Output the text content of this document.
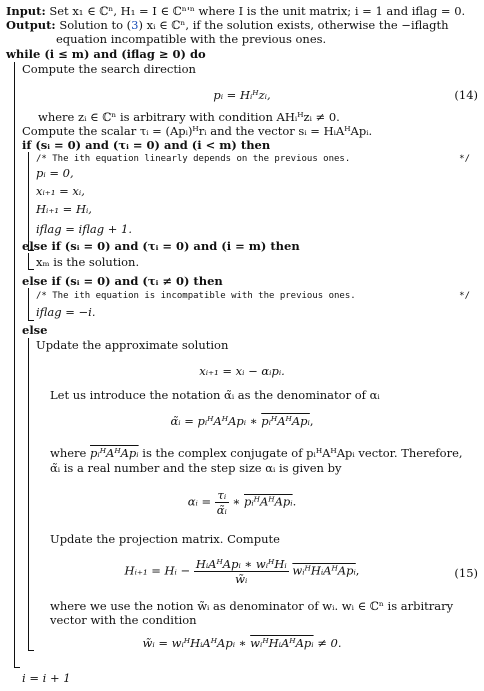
Input: Set x₁ ∈ ℂⁿ, H₁ = I ∈ ℂⁿ'ⁿ where I is the unit matrix; i = 1 and iflag = 0.
Output: Solution to (3) xᵢ ∈ ℂⁿ, if the solution exists, otherwise the −iflagth
equation incompatible with the previous ones.
while (i ≤ m) and (iflag ≥ 0) do
Compute the search direction
pᵢ = Hᵢᴴzᵢ,	(14)
where zᵢ ∈ ℂⁿ is arbitrary with condition AHᵢᴴzᵢ ≠ 0.
Compute the scalar τᵢ = (Apᵢ)ᴴrᵢ and the vector sᵢ = HᵢAᴴApᵢ.
if (sᵢ = 0) and (τᵢ = 0) and (i < m) then
/* The ith equation linearly depends on the previous ones.	*/
pᵢ = 0,
xᵢ₊₁ = xᵢ,
Hᵢ₊₁ = Hᵢ,
iflag = iflag + 1.
else if (sᵢ = 0) and (τᵢ = 0) and (i = m) then
xₘ is the solution.
else if (sᵢ = 0) and (τᵢ ≠ 0) then
/* The ith equation is incompatible with the previous ones.	*/
iflag = −i.
else
Update the approximate solution
xᵢ₊₁ = xᵢ − αᵢpᵢ.
Let us introduce the notation α̃ᵢ as the denominator of αᵢ
α̃ᵢ = pᵢᴴAᴴApᵢ ∗ pᵢᴴAᴴApᵢ,
where pᵢᴴAᴴApᵢ is the complex conjugate of pᵢᴴAᴴApᵢ vector. Therefore,
α̃ᵢ is a real number and the step size αᵢ is given by
αᵢ = $\frac{\text{τᵢ}}{\text{α̃ᵢ}}$ ∗ pᵢᴴAᴴApᵢ.
Update the projection matrix. Compute
Hᵢ₊₁ = Hᵢ − $\frac{\text{HᵢAᴴApᵢ ∗ wᵢᴴHᵢ}}{\text{w̃ᵢ}}$ wᵢᴴHᵢAᴴApᵢ,	(15)
where we use the notion w̃ᵢ as denominator of wᵢ. wᵢ ∈ ℂⁿ is arbitrary
vector with the condition
w̃ᵢ = wᵢᴴHᵢAᴴApᵢ ∗ wᵢᴴHᵢAᴴApᵢ ≠ 0.
i = i + 1
